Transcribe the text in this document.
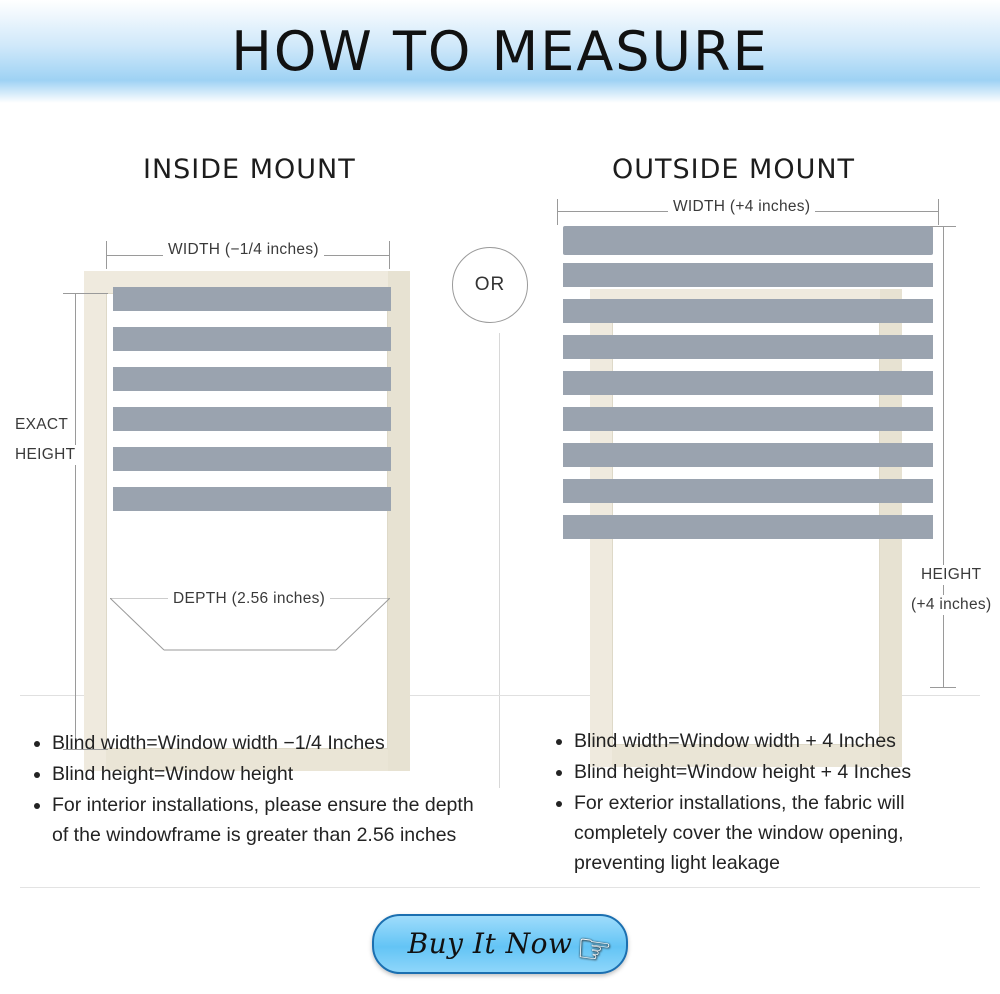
HOW TO MEASURE
INSIDE MOUNT	OUTSIDE MOUNT
OR
WIDTH (−1/4 inches)
EXACT
HEIGHT
DEPTH (2.56 inches)
WIDTH (+4 inches)
HEIGHT
(+4 inches)
• Blind width=Window width −1/4 Inches
• Blind height=Window height
• For interior installations, please ensure the depth of the windowframe is greater than 2.56 inches
• Blind width=Window width + 4 Inches
• Blind height=Window height + 4 Inches
• For exterior installations, the fabric will completely cover the window opening, preventing light leakage
Buy It Now ☞
